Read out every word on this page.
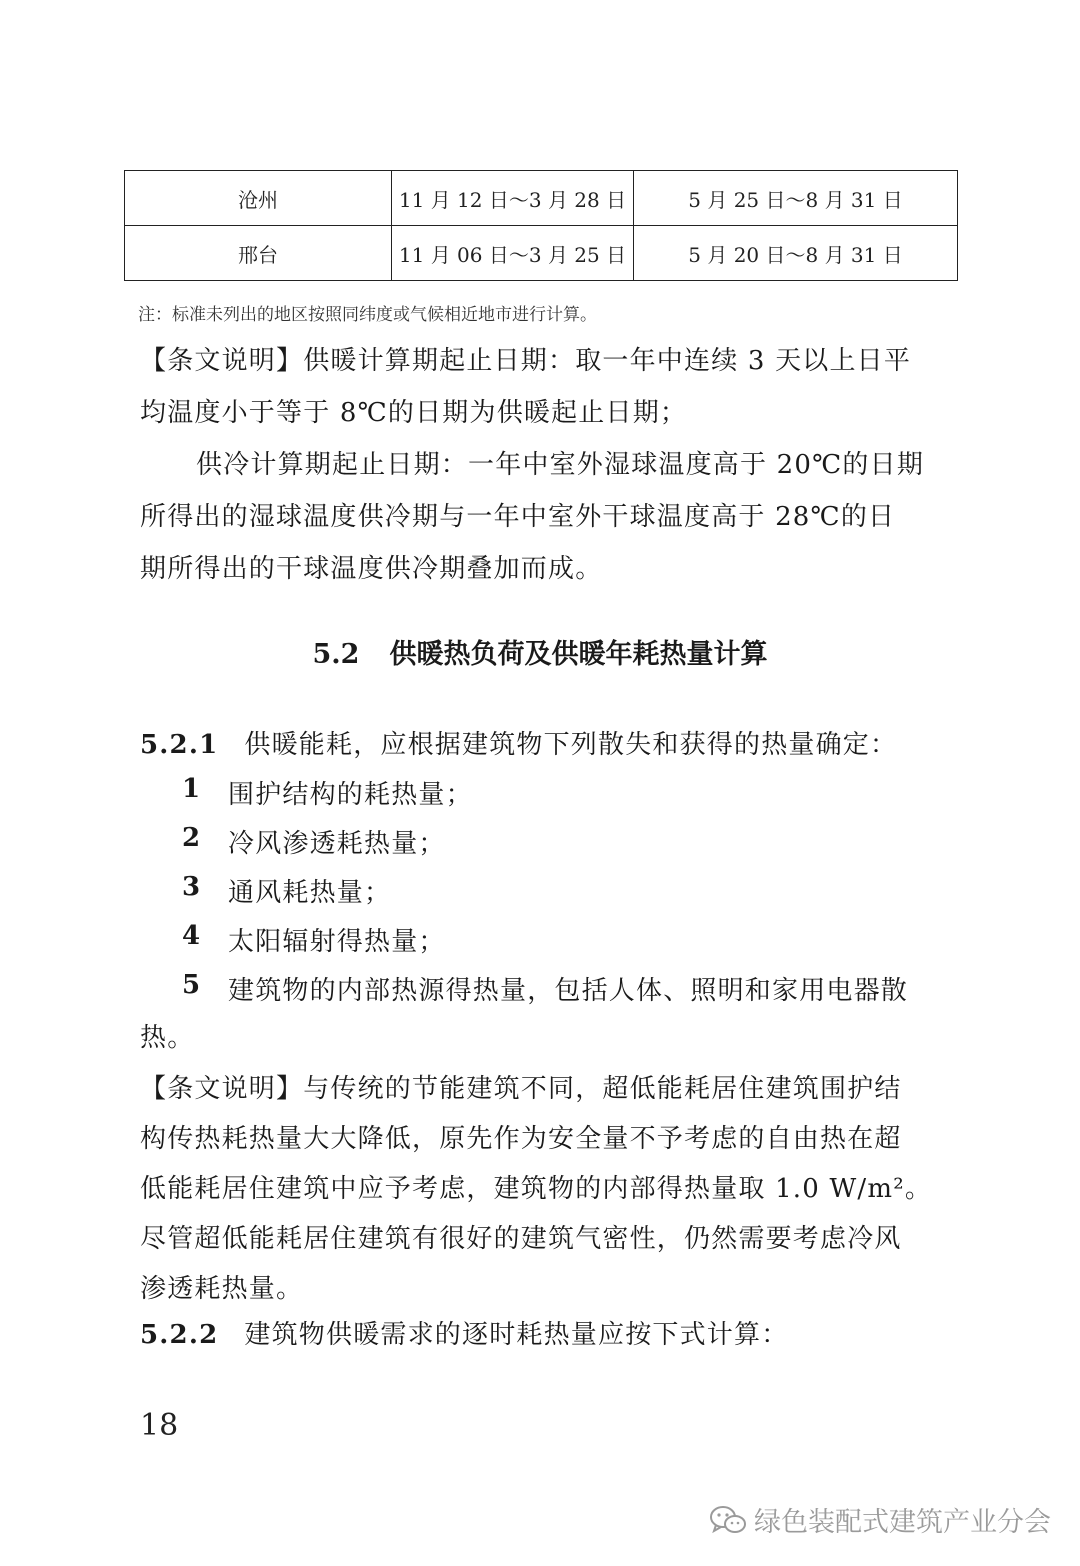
沧州	11 月 12 日～3 月 28 日	5 月 25 日～8 月 31 日
邢台	11 月 06 日～3 月 25 日	5 月 20 日～8 月 31 日
注：标准未列出的地区按照同纬度或气候相近地市进行计算。
【条文说明】供暖计算期起止日期：取一年中连续 3 天以上日平
均温度小于等于 8℃的日期为供暖起止日期；
供冷计算期起止日期：一年中室外湿球温度高于 20℃的日期
所得出的湿球温度供冷期与一年中室外干球温度高于 28℃的日
期所得出的干球温度供冷期叠加而成。
5.2 供暖热负荷及供暖年耗热量计算
5.2.1 供暖能耗，应根据建筑物下列散失和获得的热量确定：
1 围护结构的耗热量；
2 冷风渗透耗热量；
3 通风耗热量；
4 太阳辐射得热量；
5 建筑物的内部热源得热量，包括人体、照明和家用电器散
热。
【条文说明】与传统的节能建筑不同，超低能耗居住建筑围护结
构传热耗热量大大降低，原先作为安全量不予考虑的自由热在超
低能耗居住建筑中应予考虑，建筑物的内部得热量取 1.0 W/m²。
尽管超低能耗居住建筑有很好的建筑气密性，仍然需要考虑冷风
渗透耗热量。
5.2.2 建筑物供暖需求的逐时耗热量应按下式计算：
18
绿色装配式建筑产业分会
